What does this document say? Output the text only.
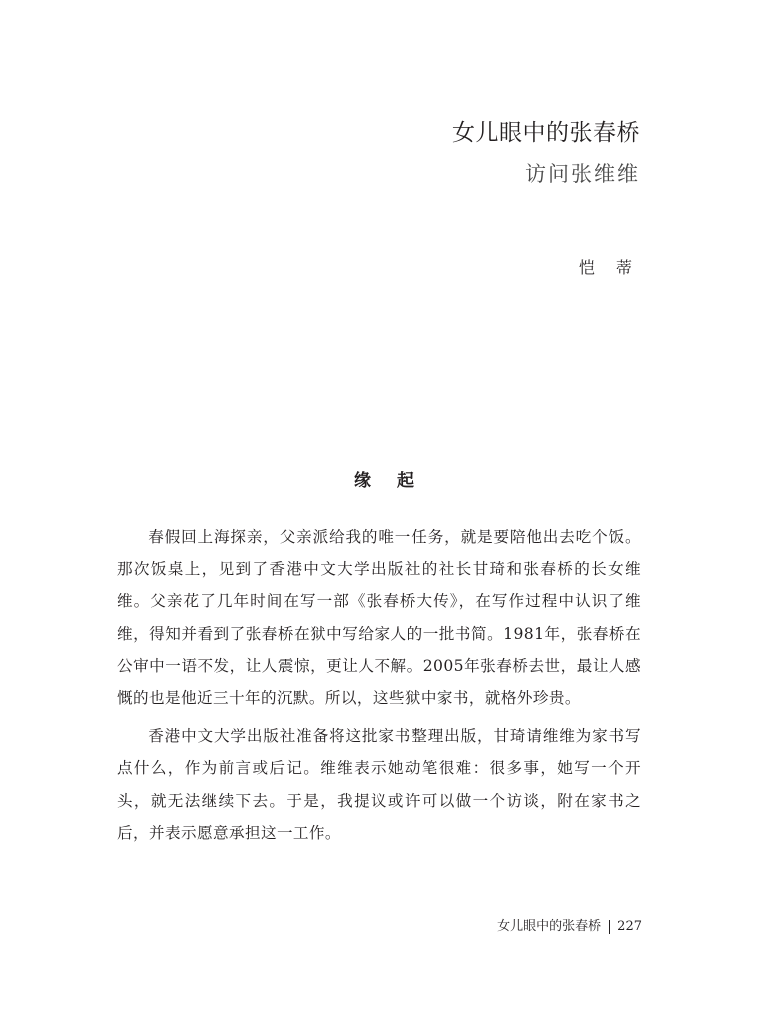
女儿眼中的张春桥
访问张维维
恺 蒂
缘 起

春假回上海探亲，父亲派给我的唯一任务，就是要陪他出去吃个饭。那次饭桌上，见到了香港中文大学出版社的社长甘琦和张春桥的长女维维。父亲花了几年时间在写一部《张春桥大传》，在写作过程中认识了维维，得知并看到了张春桥在狱中写给家人的一批书简。1981年，张春桥在公审中一语不发，让人震惊，更让人不解。2005年张春桥去世，最让人感慨的也是他近三十年的沉默。所以，这些狱中家书，就格外珍贵。

香港中文大学出版社准备将这批家书整理出版，甘琦请维维为家书写点什么，作为前言或后记。维维表示她动笔很难：很多事，她写一个开头，就无法继续下去。于是，我提议或许可以做一个访谈，附在家书之后，并表示愿意承担这一工作。

女儿眼中的张春桥 227
